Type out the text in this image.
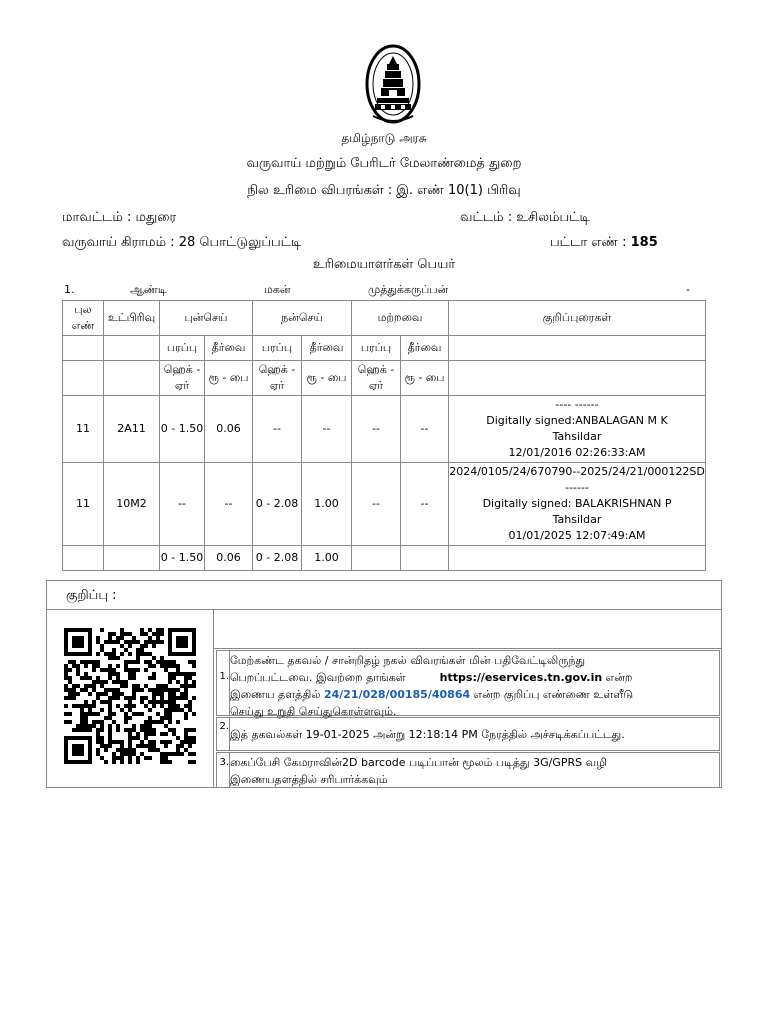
தமிழ்நாடு அரசு
வருவாய் மற்றும் பேரிடர் மேலாண்மைத் துறை
நில உரிமை விபரங்கள் : இ. எண் 10(1) பிரிவு
மாவட்டம் : மதுரை	வட்டம் : உசிலம்பட்டி
வருவாய் கிராமம் : 28 பொட்டுலுப்பட்டி	பட்டா எண் : 185
உரிமையாளர்கள் பெயர்
1.	ஆண்டி	மகன்	முத்துக்கருப்பன்	-
புல எண்	உட்பிரிவு	புன்செய்		நன்செய்		மற்றவை		குறிப்புரைகள்
		பரப்பு	தீர்வை	பரப்பு	தீர்வை	பரப்பு	தீர்வை	
		ஹெக் - ஏர்	ரூ - பை	ஹெக் - ஏர்	ரூ - பை	ஹெக் - ஏர்	ரூ - பை	
11	2A11	0 - 1.50	0.06	--	--	--	--	---- ------
Digitally signed:ANBALAGAN M K
Tahsildar
12/01/2016 02:26:33:AM

11	10M2	--	--	0 - 2.08	1.00	--	--	2024/0105/24/670790--2025/24/21/000122SD
------
Digitally signed: BALAKRISHNAN P
Tahsildar
01/01/2025 12:07:49:AM

		0 - 1.50	0.06	0 - 2.08	1.00			
குறிப்பு :
1.
மேற்கண்ட தகவல் / சான்றிதழ் நகல் விவரங்கள் மின் பதிவேட்டிலிருந்து
பெறப்பட்டவை. இவற்றை தாங்கள்	https://eservices.tn.gov.in என்ற
இணைய தளத்தில் 24/21/028/00185/40864 என்ற குறிப்பு எண்ணை உள்ளீடு
செய்து உறுதி செய்துகொள்ளவும்.
2.
இத் தகவல்கள் 19-01-2025 அன்று 12:18:14 PM நேரத்தில் அச்சடிக்கப்பட்டது.
3. கைப்பேசி கேமராவின்2D barcode படிப்பான் மூலம் படித்து 3G/GPRS வழி
இணையதளத்தில் சரிபார்க்கவும்
